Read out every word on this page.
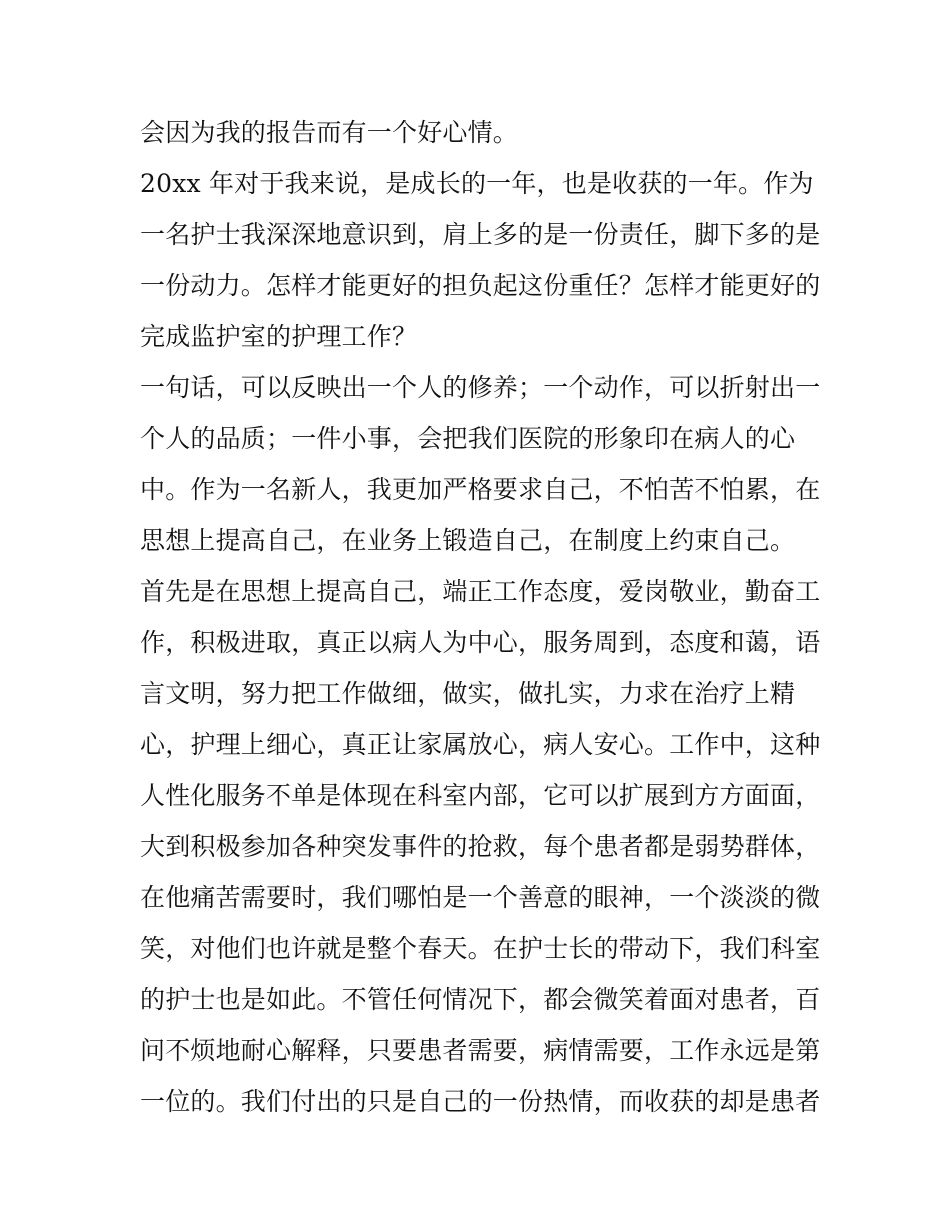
会因为我的报告而有一个好心情。
20xx 年对于我来说，是成长的一年，也是收获的一年。作为
一名护士我深深地意识到，肩上多的是一份责任，脚下多的是
一份动力。怎样才能更好的担负起这份重任？怎样才能更好的
完成监护室的护理工作？
一句话，可以反映出一个人的修养；一个动作，可以折射出一
个人的品质；一件小事，会把我们医院的形象印在病人的心
中。作为一名新人，我更加严格要求自己，不怕苦不怕累，在
思想上提高自己，在业务上锻造自己，在制度上约束自己。
首先是在思想上提高自己，端正工作态度，爱岗敬业，勤奋工
作，积极进取，真正以病人为中心，服务周到，态度和蔼，语
言文明，努力把工作做细，做实，做扎实，力求在治疗上精
心，护理上细心，真正让家属放心，病人安心。工作中，这种
人性化服务不单是体现在科室内部，它可以扩展到方方面面，
大到积极参加各种突发事件的抢救，每个患者都是弱势群体，
在他痛苦需要时，我们哪怕是一个善意的眼神，一个淡淡的微
笑，对他们也许就是整个春天。在护士长的带动下，我们科室
的护士也是如此。不管任何情况下，都会微笑着面对患者，百
问不烦地耐心解释，只要患者需要，病情需要，工作永远是第
一位的。我们付出的只是自己的一份热情，而收获的却是患者
